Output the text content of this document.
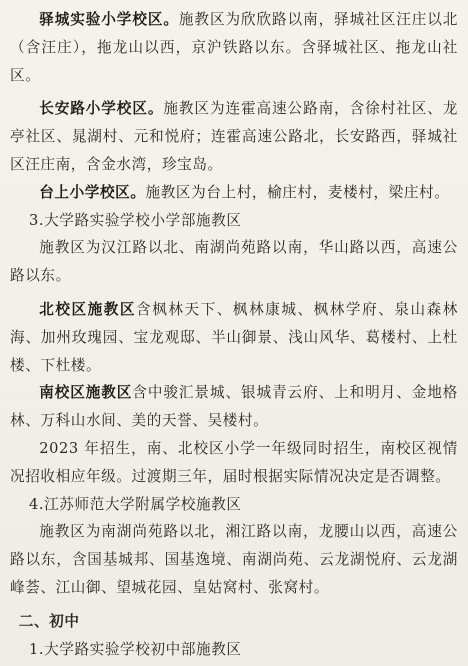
驿城实验小学校区。施教区为欣欣路以南，驿城社区汪庄以北（含汪庄），拖龙山以西，京沪铁路以东。含驿城社区、拖龙山社区。

长安路小学校区。施教区为连霍高速公路南，含徐村社区、龙亭社区、晁湖村、元和悦府；连霍高速公路北，长安路西，驿城社区汪庄南，含金水湾，珍宝岛。

台上小学校区。施教区为台上村，榆庄村，麦楼村，梁庄村。

3.大学路实验学校小学部施教区

施教区为汉江路以北、南湖尚苑路以南，华山路以西，高速公路以东。

北校区施教区含枫林天下、枫林康城、枫林学府、泉山森林海、加州玫瑰园、宝龙观邸、半山御景、浅山风华、葛楼村、上杜楼、下杜楼。

南校区施教区含中骏汇景城、银城青云府、上和明月、金地格林、万科山水间、美的天誉、吴楼村。

2023 年招生，南、北校区小学一年级同时招生，南校区视情况招收相应年级。过渡期三年，届时根据实际情况决定是否调整。

4.江苏师范大学附属学校施教区

施教区为南湖尚苑路以北，湘江路以南，龙腰山以西，高速公路以东，含国基城邦、国基逸境、南湖尚苑、云龙湖悦府、云龙湖峰荟、江山御、望城花园、皇姑窝村、张窝村。

二、初中

1.大学路实验学校初中部施教区
